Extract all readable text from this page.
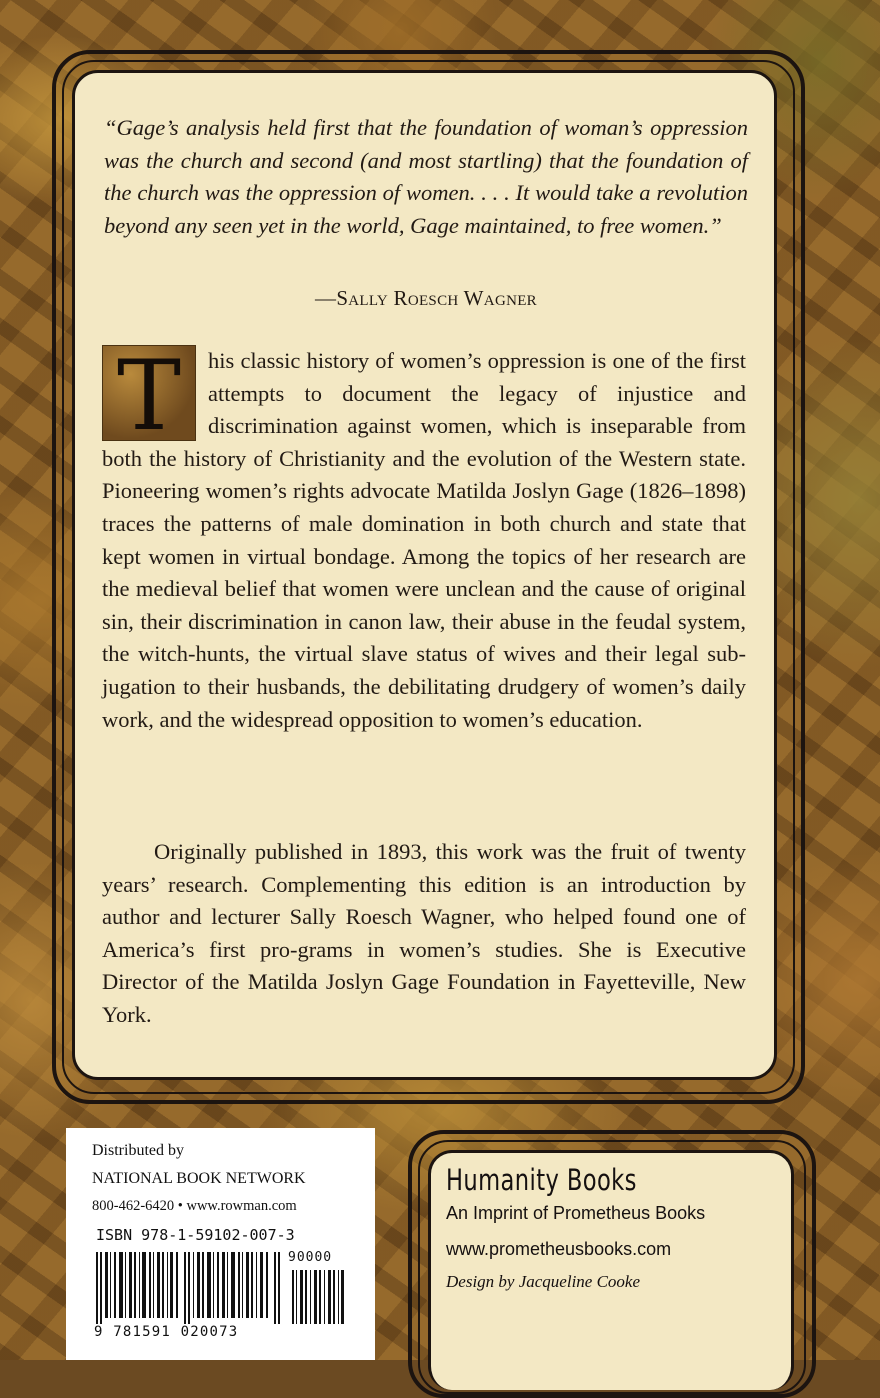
“Gage’s analysis held first that the foundation of woman’s oppression was the church and second (and most startling) that the foundation of the church was the oppression of women. . . . It would take a revolution beyond any seen yet in the world, Gage maintained, to free women.”

—Sally Roesch Wagner

T	his classic history of women’s oppression is one of the first attempts to document the legacy of injustice and discrimination against women, which is inseparable from both the history of Christianity and the evolution of the Western state. Pioneering women’s rights advocate Matilda Joslyn Gage (1826–1898) traces the patterns of male domination in both church and state that kept women in virtual bondage. Among the topics of her research are the medieval belief that women were unclean and the cause of original sin, their discrimination in canon law, their abuse in the feudal system, the witch-hunts, the virtual slave status of wives and their legal sub-jugation to their husbands, the debilitating drudgery of women’s daily work, and the widespread opposition to women’s education.

Originally published in 1893, this work was the fruit of twenty years’ research. Complementing this edition is an introduction by author and lecturer Sally Roesch Wagner, who helped found one of America’s first pro-grams in women’s studies. She is Executive Director of the Matilda Joslyn Gage Foundation in Fayetteville, New York.

Distributed by

NATIONAL BOOK NETWORK

800-462-6420 • www.rowman.com

ISBN 978-1-59102-007-3
90000
9 781591 020073
Humanity Books
An Imprint of Prometheus Books
www.prometheusbooks.com
Design by Jacqueline Cooke
